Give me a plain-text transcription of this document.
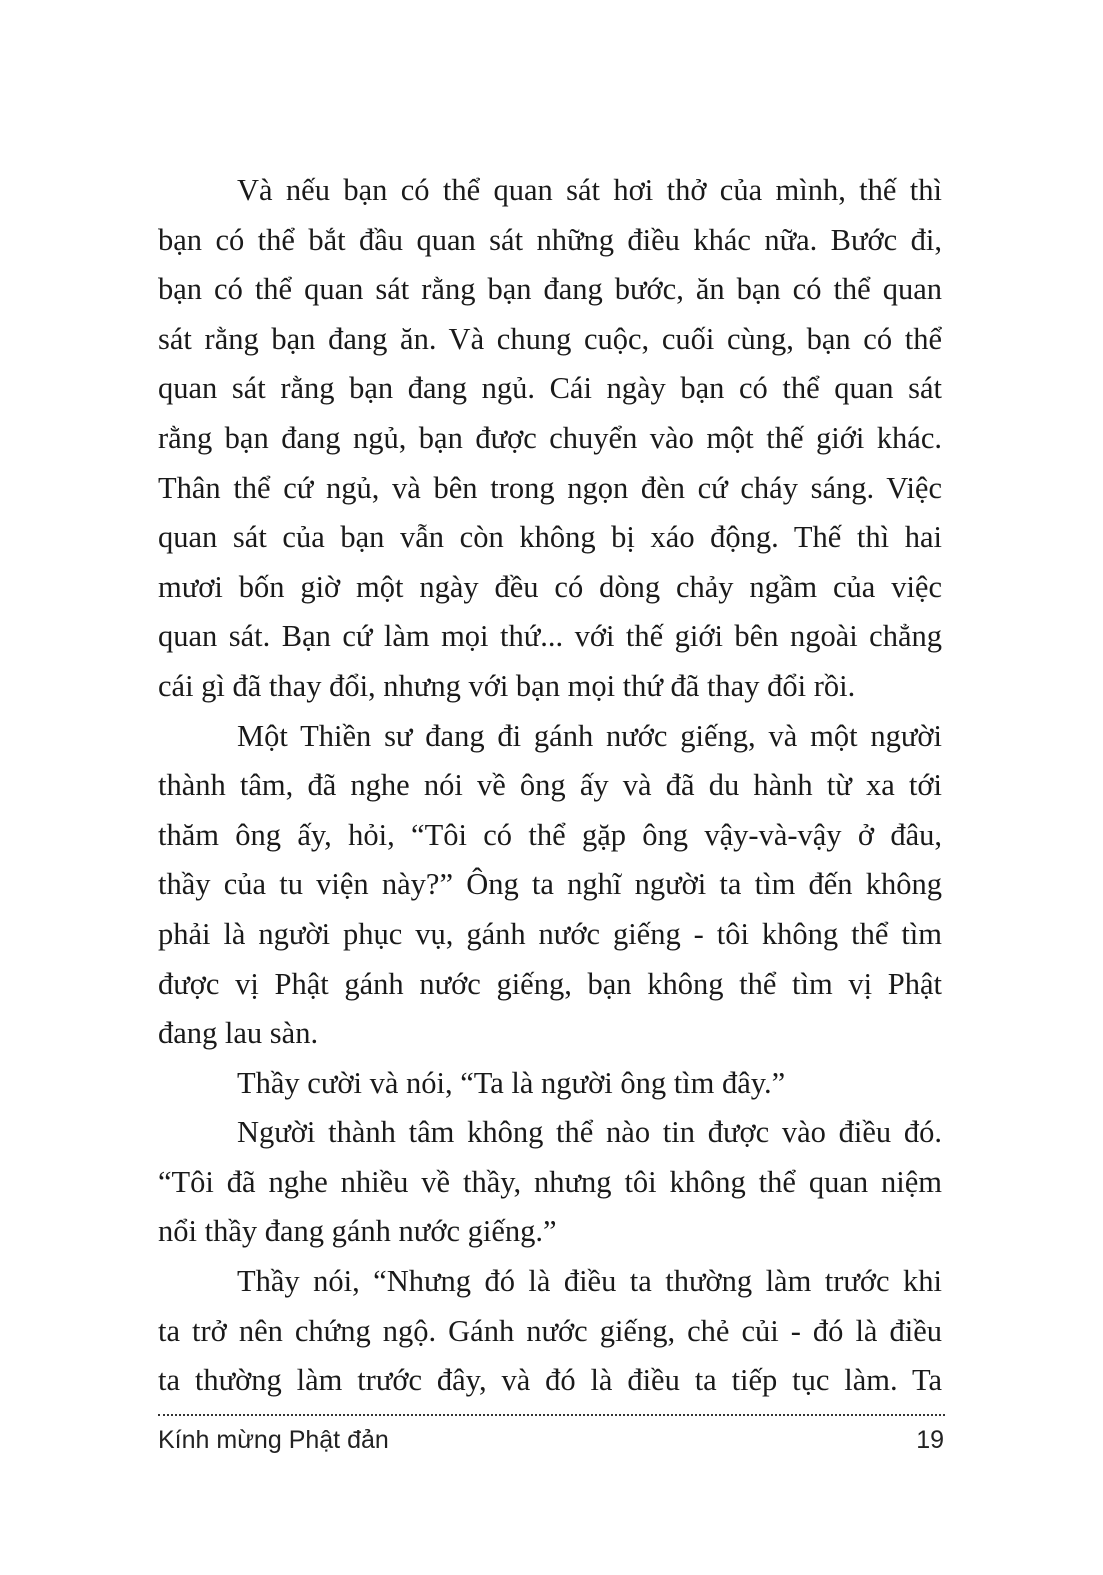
Và nếu bạn có thể quan sát hơi thở của mình, thế thì
bạn có thể bắt đầu quan sát những điều khác nữa. Bước đi,
bạn có thể quan sát rằng bạn đang bước, ăn bạn có thể quan
sát rằng bạn đang ăn. Và chung cuộc, cuối cùng, bạn có thể
quan sát rằng bạn đang ngủ. Cái ngày bạn có thể quan sát
rằng bạn đang ngủ, bạn được chuyển vào một thế giới khác.
Thân thể cứ ngủ, và bên trong ngọn đèn cứ cháy sáng. Việc
quan sát của bạn vẫn còn không bị xáo động. Thế thì hai
mươi bốn giờ một ngày đều có dòng chảy ngầm của việc
quan sát. Bạn cứ làm mọi thứ... với thế giới bên ngoài chẳng
cái gì đã thay đổi, nhưng với bạn mọi thứ đã thay đổi rồi.

Một Thiền sư đang đi gánh nước giếng, và một người
thành tâm, đã nghe nói về ông ấy và đã du hành từ xa tới
thăm ông ấy, hỏi, “Tôi có thể gặp ông vậy-và-vậy ở đâu,
thầy của tu viện này?” Ông ta nghĩ người ta tìm đến không
phải là người phục vụ, gánh nước giếng - tôi không thể tìm
được vị Phật gánh nước giếng, bạn không thể tìm vị Phật
đang lau sàn.

Thầy cười và nói, “Ta là người ông tìm đây.”

Người thành tâm không thể nào tin được vào điều đó.
“Tôi đã nghe nhiều về thầy, nhưng tôi không thể quan niệm
nổi thầy đang gánh nước giếng.”

Thầy nói, “Nhưng đó là điều ta thường làm trước khi
ta trở nên chứng ngộ. Gánh nước giếng, chẻ củi - đó là điều
ta thường làm trước đây, và đó là điều ta tiếp tục làm. Ta

Kính mừng Phật đản	19
